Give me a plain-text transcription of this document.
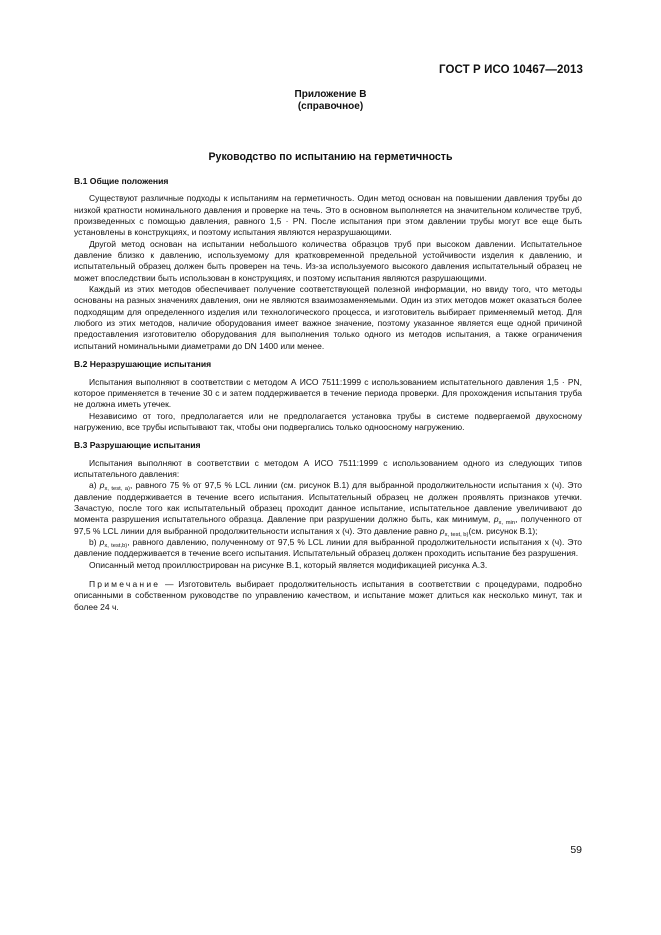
ГОСТ Р ИСО 10467—2013
Приложение В
(справочное)
Руководство по испытанию на герметичность
В.1 Общие положения

Существуют различные подходы к испытаниям на герметичность. Один метод основан на повышении давления трубы до низкой кратности номинального давления и проверке на течь. Это в основном выполняется на значительном количестве труб, произведенных с помощью давления, равного 1,5 · PN. После испытания при этом давлении трубы могут все еще быть установлены в конструкциях, и поэтому испытания являются неразрушающими.

Другой метод основан на испытании небольшого количества образцов труб при высоком давлении. Испытательное давление близко к давлению, используемому для кратковременной предельной устойчивости изделия к давлению, и испытательный образец должен быть проверен на течь. Из-за используемого высокого давления испытательный образец не может впоследствии быть использован в конструкциях, и поэтому испытания являются разрушающими.

Каждый из этих методов обеспечивает получение соответствующей полезной информации, но ввиду того, что методы основаны на разных значениях давления, они не являются взаимозаменяемыми. Один из этих методов может оказаться более подходящим для определенного изделия или технологического процесса, и изготовитель выбирает применяемый метод. Для любого из этих методов, наличие оборудования имеет важное значение, поэтому указанное является еще одной причиной предоставления изготовителю оборудования для выполнения только одного из методов испытания, а также ограничения испытаний номинальными диаметрами до DN 1400 или менее.

В.2 Неразрушающие испытания

Испытания выполняют в соответствии с методом А ИСО 7511:1999 с использованием испытательного давления 1,5 · PN, которое применяется в течение 30 с и затем поддерживается в течение периода проверки. Для прохождения испытания труба не должна иметь утечек.

Независимо от того, предполагается или не предполагается установка трубы в системе подвергаемой двухосному нагружению, все трубы испытывают так, чтобы они подвергались только одноосному нагружению.

В.3 Разрушающие испытания

Испытания выполняют в соответствии с методом А ИСО 7511:1999 с использованием одного из следующих типов испытательного давления:

а) $p_{x, test, a)}$, равного 75 % от 97,5 % LCL линии (см. рисунок В.1) для выбранной продолжительности испытания x (ч). Это давление поддерживается в течение всего испытания. Испытательный образец не должен проявлять признаков утечки. Зачастую, после того как испытательный образец проходит данное испытание, испытательное давление увеличивают до момента разрушения испытательного образца. Давление при разрушении должно быть, как минимум, $p_{x, min}$, полученного от 97,5 % LCL линии для выбранной продолжительности испытания x (ч). Это давление равно $p_{x, test, b)}(см$. рисунок В.1);

b) $p_{x, test,b)}$, равного давлению, полученному от 97,5 % LCL линии для выбранной продолжительности испытания x (ч). Это давление поддерживается в течение всего испытания. Испытательный образец должен проходить испытание без разрушения.

Описанный метод проиллюстрирован на рисунке В.1, который является модификацией рисунка А.3.

Примечание — Изготовитель выбирает продолжительность испытания в соответствии с процедурами, подробно описанными в собственном руководстве по управлению качеством, и испытание может длиться как несколько минут, так и более 24 ч.

59
